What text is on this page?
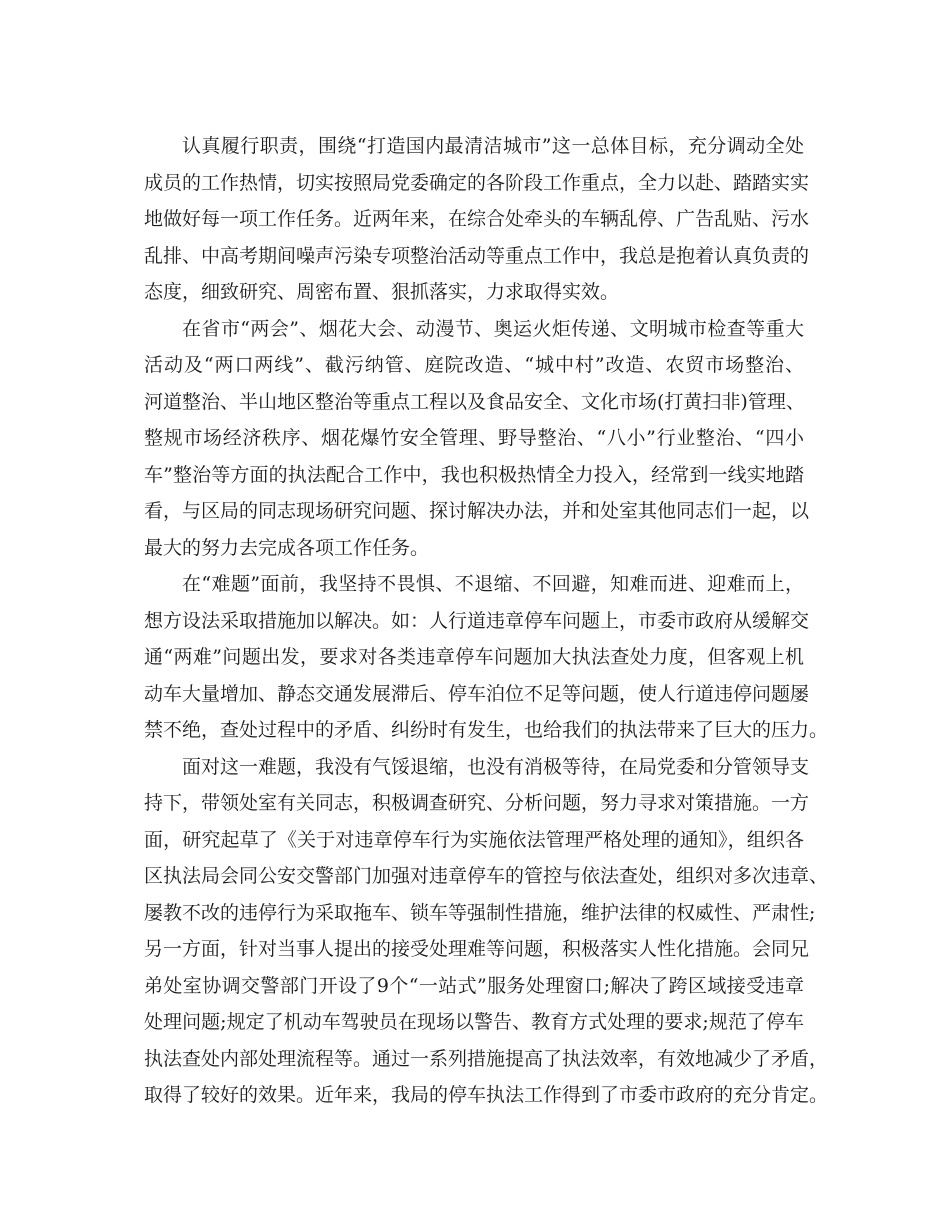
认真履行职责，围绕“打造国内最清洁城市”这一总体目标，充分调动全处
成员的工作热情，切实按照局党委确定的各阶段工作重点，全力以赴、踏踏实实
地做好每一项工作任务。近两年来，在综合处牵头的车辆乱停、广告乱贴、污水
乱排、中高考期间噪声污染专项整治活动等重点工作中，我总是抱着认真负责的
态度，细致研究、周密布置、狠抓落实，力求取得实效。
在省市“两会”、烟花大会、动漫节、奥运火炬传递、文明城市检查等重大
活动及“两口两线”、截污纳管、庭院改造、“城中村”改造、农贸市场整治、
河道整治、半山地区整治等重点工程以及食品安全、文化市场(打黄扫非)管理、
整规市场经济秩序、烟花爆竹安全管理、野导整治、“八小”行业整治、“四小
车”整治等方面的执法配合工作中，我也积极热情全力投入，经常到一线实地踏
看，与区局的同志现场研究问题、探讨解决办法，并和处室其他同志们一起，以
最大的努力去完成各项工作任务。
在“难题”面前，我坚持不畏惧、不退缩、不回避，知难而进、迎难而上，
想方设法采取措施加以解决。如：人行道违章停车问题上，市委市政府从缓解交
通“两难”问题出发，要求对各类违章停车问题加大执法查处力度，但客观上机
动车大量增加、静态交通发展滞后、停车泊位不足等问题，使人行道违停问题屡
禁不绝，查处过程中的矛盾、纠纷时有发生，也给我们的执法带来了巨大的压力。
面对这一难题，我没有气馁退缩，也没有消极等待，在局党委和分管领导支
持下，带领处室有关同志，积极调查研究、分析问题，努力寻求对策措施。一方
面，研究起草了《关于对违章停车行为实施依法管理严格处理的通知》，组织各
区执法局会同公安交警部门加强对违章停车的管控与依法查处，组织对多次违章、
屡教不改的违停行为采取拖车、锁车等强制性措施，维护法律的权威性、严肃性;
另一方面，针对当事人提出的接受处理难等问题，积极落实人性化措施。会同兄
弟处室协调交警部门开设了9个“一站式”服务处理窗口;解决了跨区域接受违章
处理问题;规定了机动车驾驶员在现场以警告、教育方式处理的要求;规范了停车
执法查处内部处理流程等。通过一系列措施提高了执法效率，有效地减少了矛盾，
取得了较好的效果。近年来，我局的停车执法工作得到了市委市政府的充分肯定。
